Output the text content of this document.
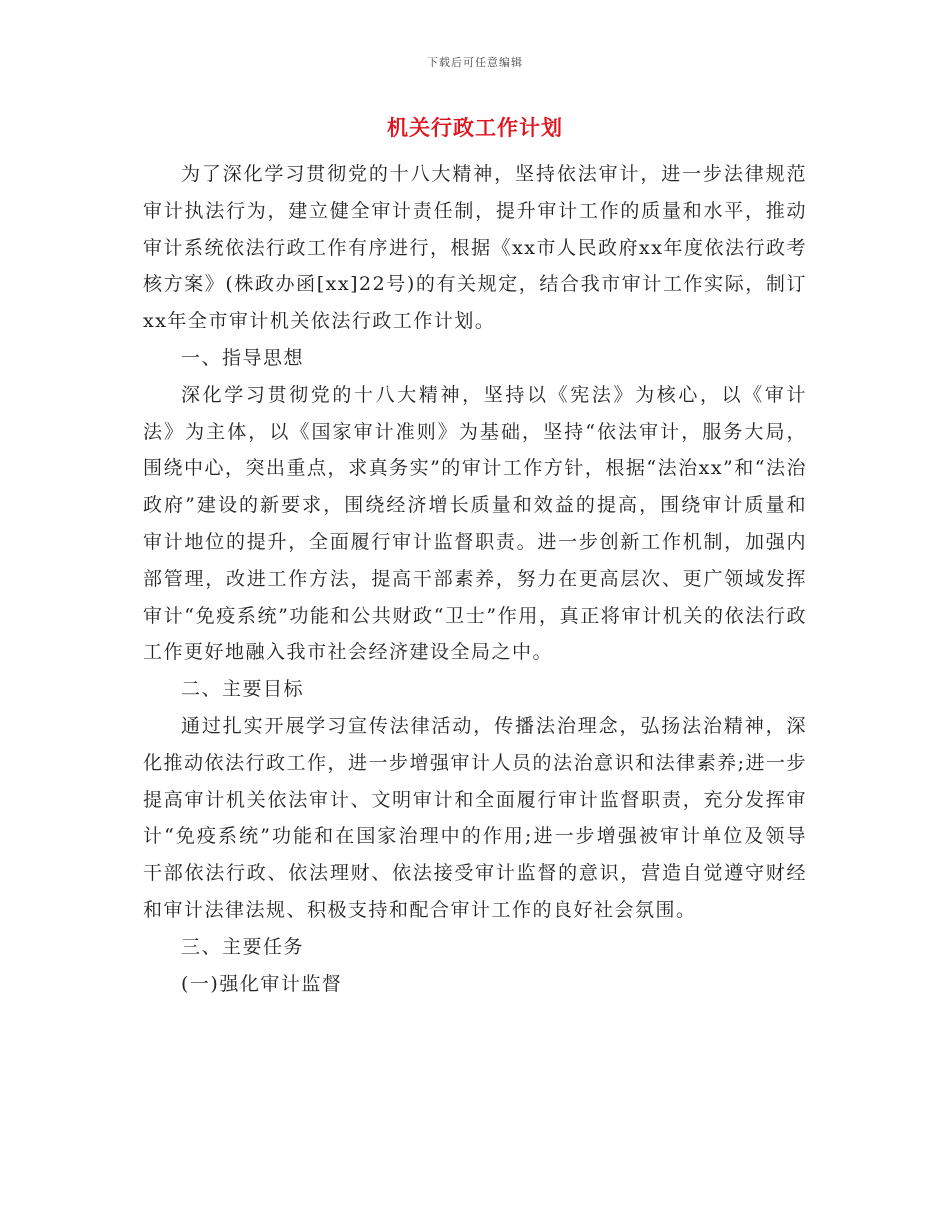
下载后可任意编辑
机关行政工作计划

为了深化学习贯彻党的十八大精神，坚持依法审计，进一步法律规范审计执法行为，建立健全审计责任制，提升审计工作的质量和水平，推动审计系统依法行政工作有序进行，根据《xx市人民政府xx年度依法行政考核方案》(株政办函[xx]22号)的有关规定，结合我市审计工作实际，制订xx年全市审计机关依法行政工作计划。

一、指导思想

深化学习贯彻党的十八大精神，坚持以《宪法》为核心，以《审计法》为主体，以《国家审计准则》为基础，坚持“依法审计，服务大局，围绕中心，突出重点，求真务实”的审计工作方针，根据“法治xx”和“法治政府”建设的新要求，围绕经济增长质量和效益的提高，围绕审计质量和审计地位的提升，全面履行审计监督职责。进一步创新工作机制，加强内部管理，改进工作方法，提高干部素养，努力在更高层次、更广领域发挥审计“免疫系统”功能和公共财政“卫士”作用，真正将审计机关的依法行政工作更好地融入我市社会经济建设全局之中。

二、主要目标

通过扎实开展学习宣传法律活动，传播法治理念，弘扬法治精神，深化推动依法行政工作，进一步增强审计人员的法治意识和法律素养;进一步提高审计机关依法审计、文明审计和全面履行审计监督职责，充分发挥审计“免疫系统”功能和在国家治理中的作用;进一步增强被审计单位及领导干部依法行政、依法理财、依法接受审计监督的意识，营造自觉遵守财经和审计法律法规、积极支持和配合审计工作的良好社会氛围。

三、主要任务

(一)强化审计监督
